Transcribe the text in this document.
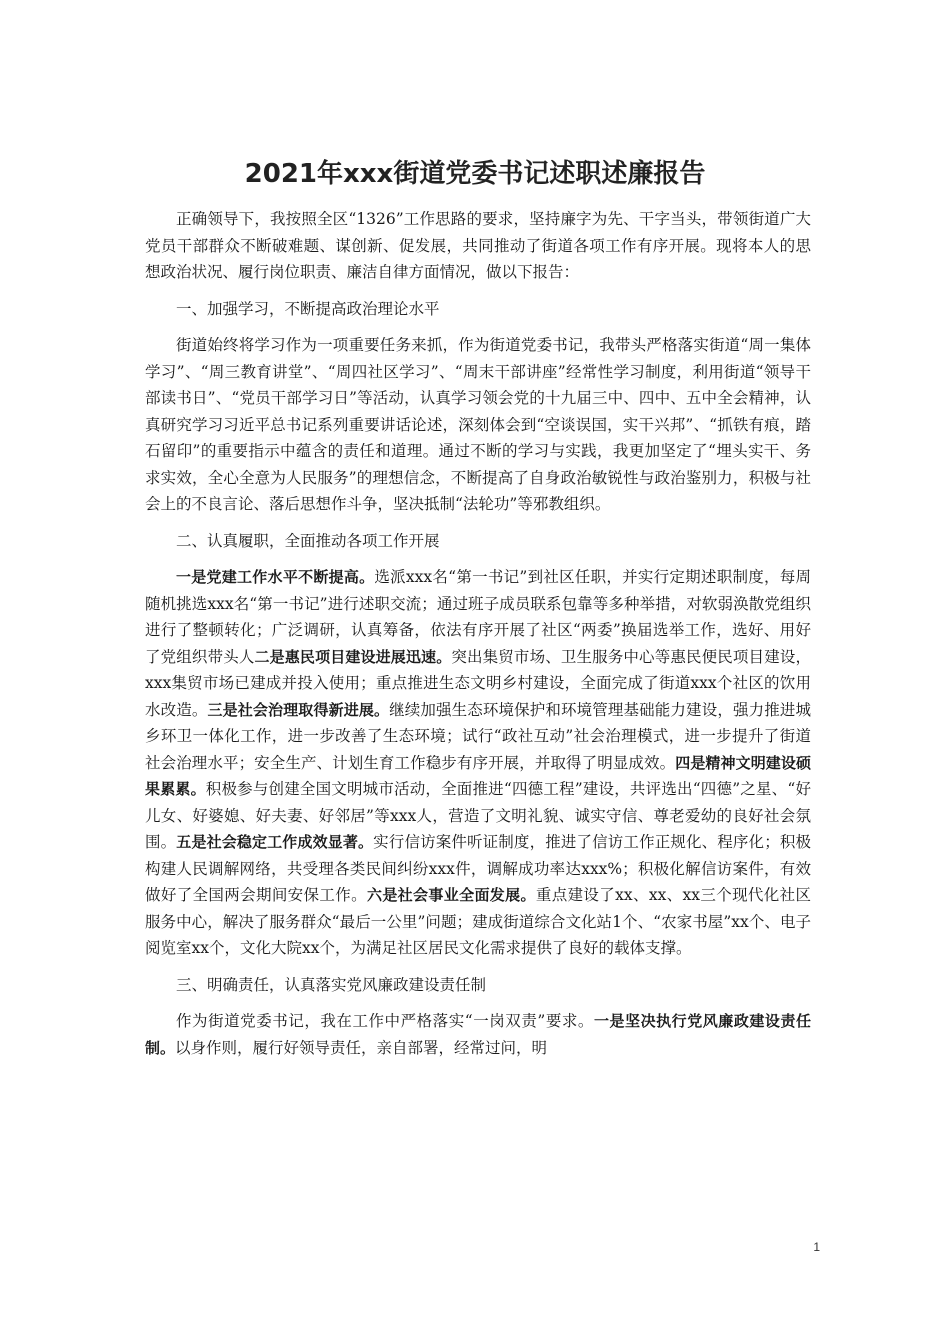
2021年xxx街道党委书记述职述廉报告

正确领导下，我按照全区“1326”工作思路的要求，坚持廉字为先、干字当头，带领街道广大党员干部群众不断破难题、谋创新、促发展，共同推动了街道各项工作有序开展。现将本人的思想政治状况、履行岗位职责、廉洁自律方面情况，做以下报告：

一、加强学习，不断提高政治理论水平

街道始终将学习作为一项重要任务来抓，作为街道党委书记，我带头严格落实街道“周一集体学习”、“周三教育讲堂”、“周四社区学习”、“周末干部讲座”经常性学习制度，利用街道“领导干部读书日”、“党员干部学习日”等活动，认真学习领会党的十九届三中、四中、五中全会精神，认真研究学习习近平总书记系列重要讲话论述，深刻体会到“空谈误国，实干兴邦”、“抓铁有痕，踏石留印”的重要指示中蕴含的责任和道理。通过不断的学习与实践，我更加坚定了“埋头实干、务求实效，全心全意为人民服务”的理想信念，不断提高了自身政治敏锐性与政治鉴别力，积极与社会上的不良言论、落后思想作斗争，坚决抵制“法轮功”等邪教组织。

二、认真履职，全面推动各项工作开展

一是党建工作水平不断提高。选派xxx名“第一书记”到社区任职，并实行定期述职制度，每周随机挑选xxx名“第一书记”进行述职交流；通过班子成员联系包靠等多种举措，对软弱涣散党组织进行了整顿转化；广泛调研，认真筹备，依法有序开展了社区“两委”换届选举工作，选好、用好了党组织带头人二是惠民项目建设进展迅速。突出集贸市场、卫生服务中心等惠民便民项目建设，xxx集贸市场已建成并投入使用；重点推进生态文明乡村建设，全面完成了街道xxx个社区的饮用水改造。三是社会治理取得新进展。继续加强生态环境保护和环境管理基础能力建设，强力推进城乡环卫一体化工作，进一步改善了生态环境；试行“政社互动”社会治理模式，进一步提升了街道社会治理水平；安全生产、计划生育工作稳步有序开展，并取得了明显成效。四是精神文明建设硕果累累。积极参与创建全国文明城市活动，全面推进“四德工程”建设，共评选出“四德”之星、“好儿女、好婆媳、好夫妻、好邻居”等xxx人，营造了文明礼貌、诚实守信、尊老爱幼的良好社会氛围。五是社会稳定工作成效显著。实行信访案件听证制度，推进了信访工作正规化、程序化；积极构建人民调解网络，共受理各类民间纠纷xxx件，调解成功率达xxx%；积极化解信访案件，有效做好了全国两会期间安保工作。六是社会事业全面发展。重点建设了xx、xx、xx三个现代化社区服务中心，解决了服务群众“最后一公里”问题；建成街道综合文化站1个、“农家书屋”xx个、电子阅览室xx个，文化大院xx个，为满足社区居民文化需求提供了良好的载体支撑。

三、明确责任，认真落实党风廉政建设责任制

作为街道党委书记，我在工作中严格落实“一岗双责”要求。一是坚决执行党风廉政建设责任制。以身作则，履行好领导责任，亲自部署，经常过问，明

1
